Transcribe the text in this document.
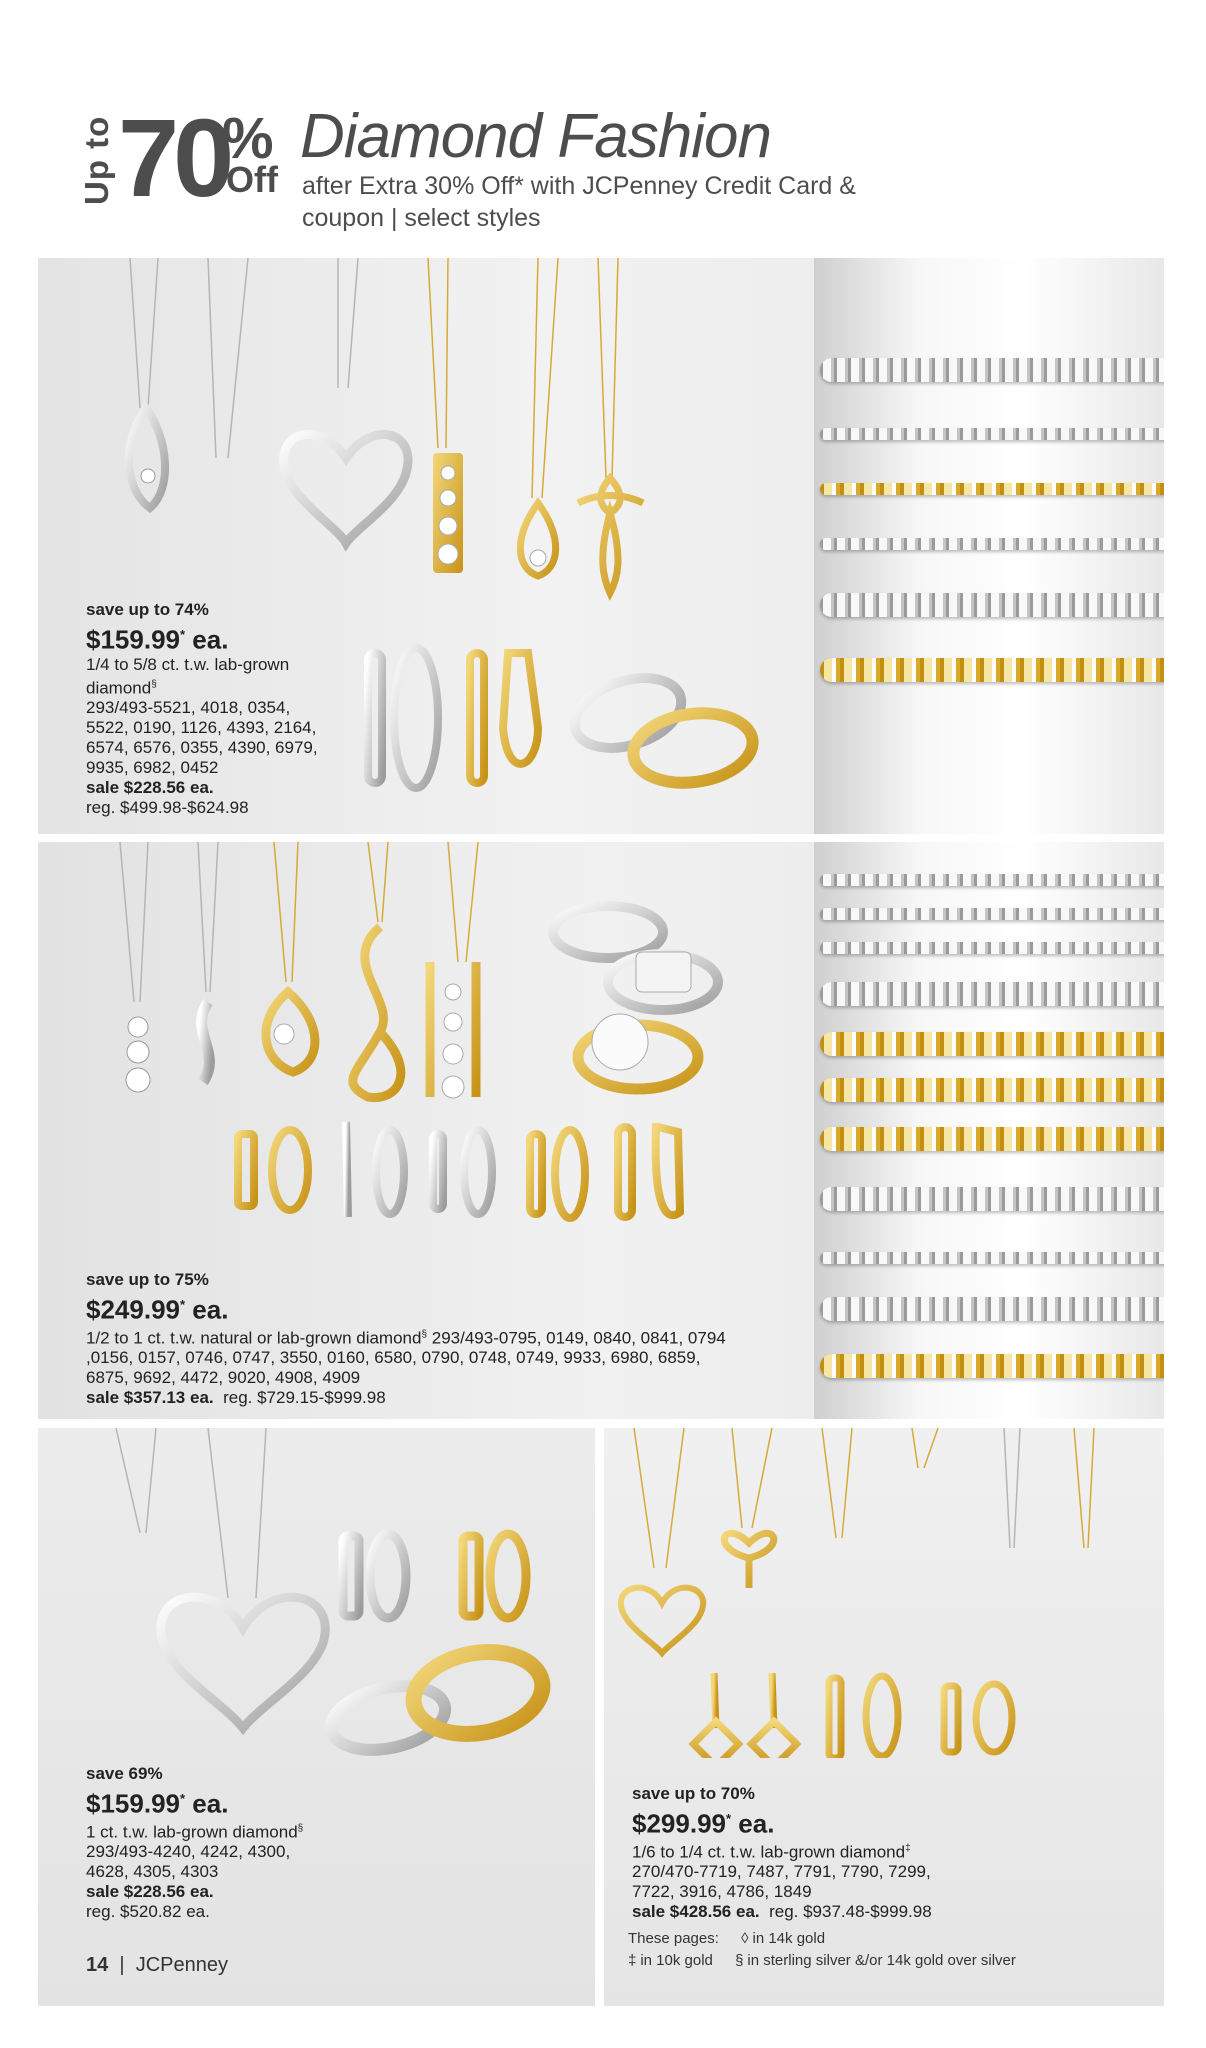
Up to 70
%
Off
Diamond Fashion
after Extra 30% Off* with JCPenney Credit Card & coupon | select styles
save up to 74%
$159.99* ea.
1/4 to 5/8 ct. t.w. lab-grown diamond§
293/493-5521, 4018, 0354, 5522, 0190, 1126, 4393, 2164, 6574, 6576, 0355, 4390, 6979, 9935, 6982, 0452
sale $228.56 ea.
reg. $499.98-$624.98
save up to 75%
$249.99* ea.
1/2 to 1 ct. t.w. natural or lab-grown diamond§ 293/493-0795, 0149, 0840, 0841, 0794 ,0156, 0157, 0746, 0747, 3550, 0160, 6580, 0790, 0748, 0749, 9933, 6980, 6859, 6875, 9692, 4472, 9020, 4908, 4909
sale $357.13 ea. reg. $729.15-$999.98
save 69%
$159.99* ea.
1 ct. t.w. lab-grown diamond§
293/493-4240, 4242, 4300, 4628, 4305, 4303
sale $228.56 ea.
reg. $520.82 ea.
save up to 70%
$299.99* ea.
1/6 to 1/4 ct. t.w. lab-grown diamond‡
270/470-7719, 7487, 7791, 7790, 7299, 7722, 3916, 4786, 1849
sale $428.56 ea. reg. $937.48-$999.98
14 | JCPenney
These pages: ◊ in 14k gold
‡ in 10k gold § in sterling silver &/or 14k gold over silver
